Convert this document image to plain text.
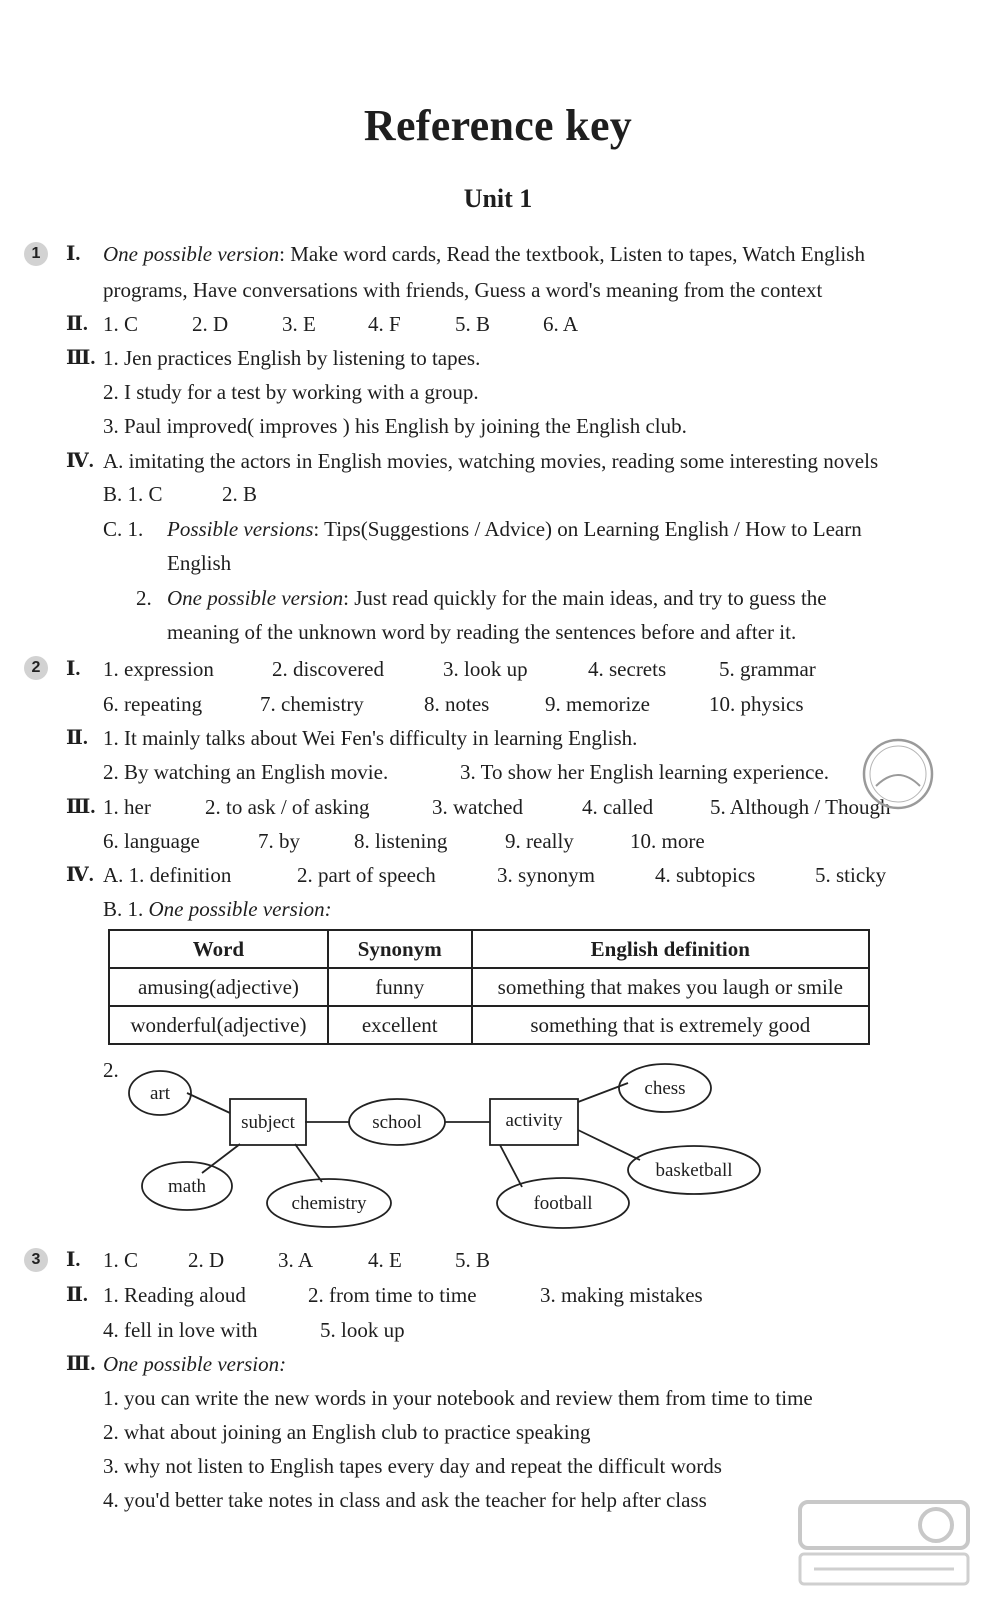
Reference key
Unit 1
1	Ⅰ. One possible version: Make word cards, Read the textbook, Listen to tapes, Watch English
programs, Have conversations with friends, Guess a word's meaning from the context
Ⅱ. 1. C	2. D	3. E 4. F	5. B	6. A
Ⅲ. 1. Jen practices English by listening to tapes.
2. I study for a test by working with a group.
3. Paul improved( improves ) his English by joining the English club.
Ⅳ. A. imitating the actors in English movies, watching movies, reading some interesting novels
B. 1. C	2. B
C. 1. Possible versions: Tips(Suggestions / Advice) on Learning English / How to Learn
English
2. One possible version: Just read quickly for the main ideas, and try to guess the
meaning of the unknown word by reading the sentences before and after it.
2	Ⅰ. 1. expression	2. discovered	3. look up	4. secrets	5. grammar
6. repeating	7. chemistry	8. notes	9. memorize	10. physics
Ⅱ. 1. It mainly talks about Wei Fen's difficulty in learning English.
2. By watching an English movie.	3. To show her English learning experience.
Ⅲ. 1. her	2. to ask / of asking	3. watched	4. called	5. Although / Though
6. language	7. by	8. listening	9. really	10. more
Ⅳ. A. 1. definition	2. part of speech	3. synonym	4. subtopics	5. sticky
B. 1. One possible version:
Word	Synonym	English definition
amusing(adjective)	funny	something that makes you laugh or smile
wonderful(adjective)	excellent	something that is extremely good
2.
art
subject	school	activity
chess
math
chemistry
basketball
football
3	Ⅰ. 1. C 2. D	3. A	4. E	5. B
Ⅱ. 1. Reading aloud	2. from time to time	3. making mistakes
4. fell in love with	5. look up
Ⅲ. One possible version:
1. you can write the new words in your notebook and review them from time to time
2. what about joining an English club to practice speaking
3. why not listen to English tapes every day and repeat the difficult words
4. you'd better take notes in class and ask the teacher for help after class
